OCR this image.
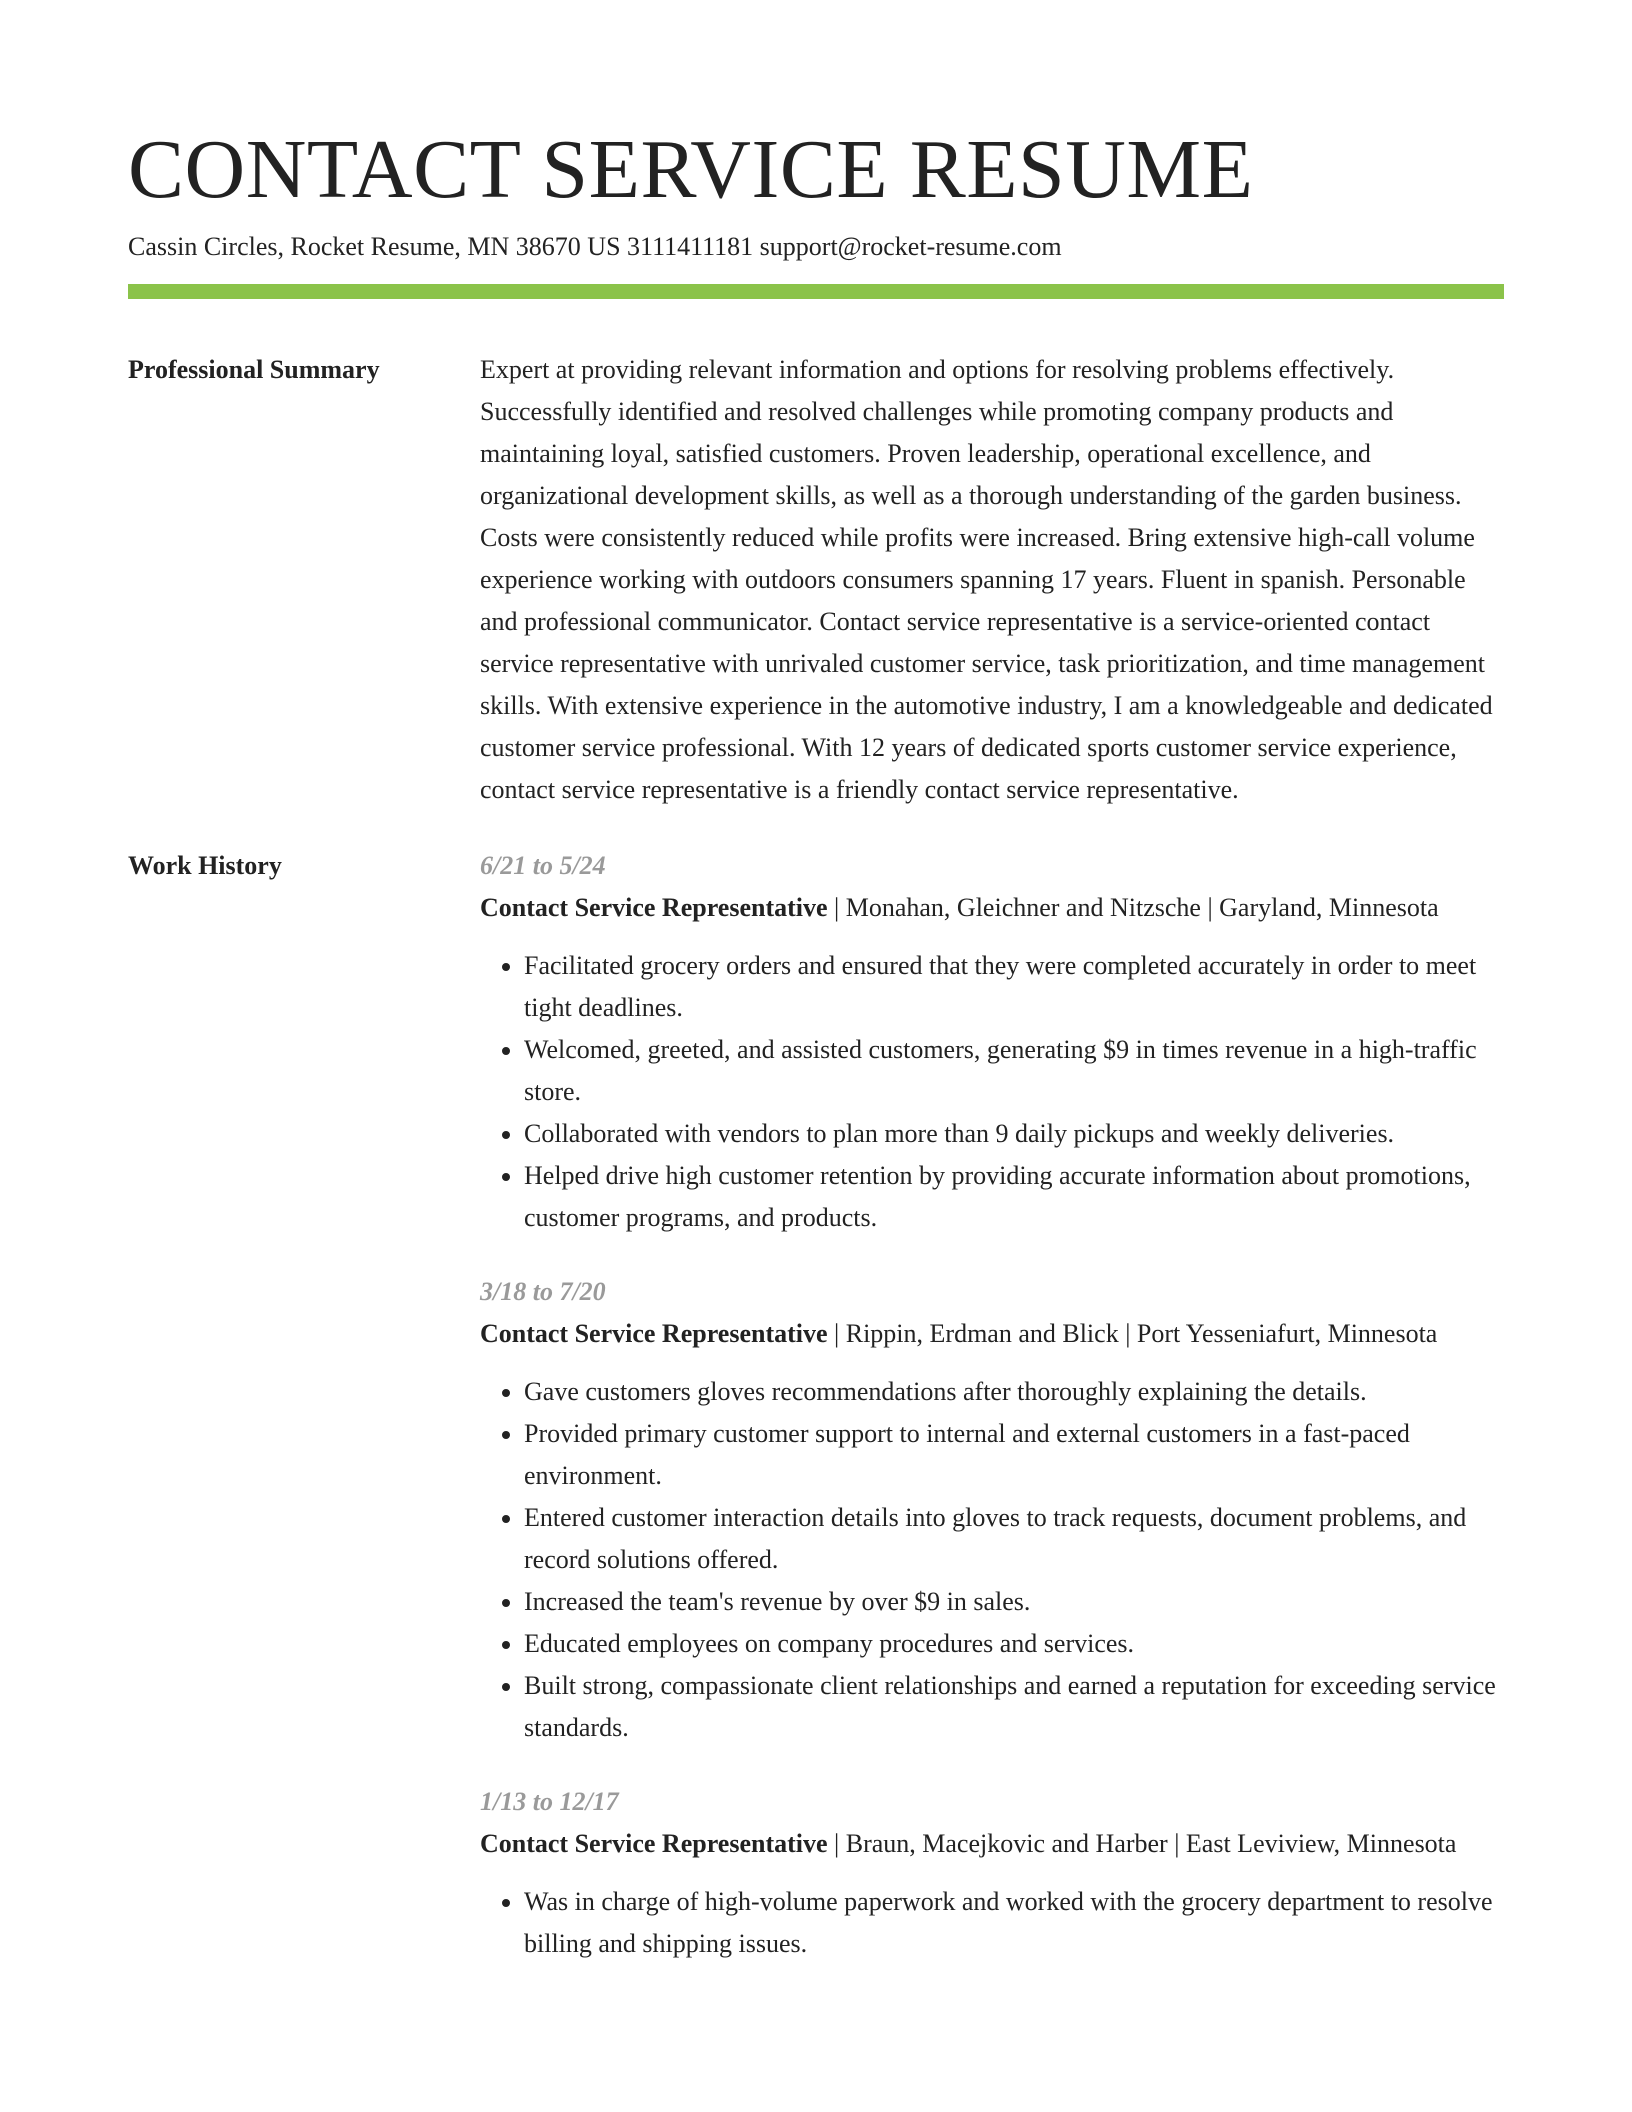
CONTACT SERVICE RESUME
Cassin Circles, Rocket Resume, MN 38670 US 3111411181 support@rocket-resume.com
Professional Summary	Expert at providing relevant information and options for resolving problems effectively. Successfully identified and resolved challenges while promoting company products and maintaining loyal, satisfied customers. Proven leadership, operational excellence, and organizational development skills, as well as a thorough understanding of the garden business. Costs were consistently reduced while profits were increased. Bring extensive high-call volume experience working with outdoors consumers spanning 17 years. Fluent in spanish. Personable and professional communicator. Contact service representative is a service-oriented contact service representative with unrivaled customer service, task prioritization, and time management skills. With extensive experience in the automotive industry, I am a knowledgeable and dedicated customer service professional. With 12 years of dedicated sports customer service experience, contact service representative is a friendly contact service representative.

Work History	6/21 to 5/24
Contact Service Representative | Monahan, Gleichner and Nitzsche | Garyland, Minnesota
• Facilitated grocery orders and ensured that they were completed accurately in order to meet tight deadlines.
• Welcomed, greeted, and assisted customers, generating $9 in times revenue in a high-traffic store.
• Collaborated with vendors to plan more than 9 daily pickups and weekly deliveries.
• Helped drive high customer retention by providing accurate information about promotions, customer programs, and products.
3/18 to 7/20
Contact Service Representative | Rippin, Erdman and Blick | Port Yesseniafurt, Minnesota
• Gave customers gloves recommendations after thoroughly explaining the details.
• Provided primary customer support to internal and external customers in a fast-paced environment.
• Entered customer interaction details into gloves to track requests, document problems, and record solutions offered.
• Increased the team's revenue by over $9 in sales.
• Educated employees on company procedures and services.
• Built strong, compassionate client relationships and earned a reputation for exceeding service standards.
1/13 to 12/17
Contact Service Representative | Braun, Macejkovic and Harber | East Leviview, Minnesota
• Was in charge of high-volume paperwork and worked with the grocery department to resolve billing and shipping issues.
